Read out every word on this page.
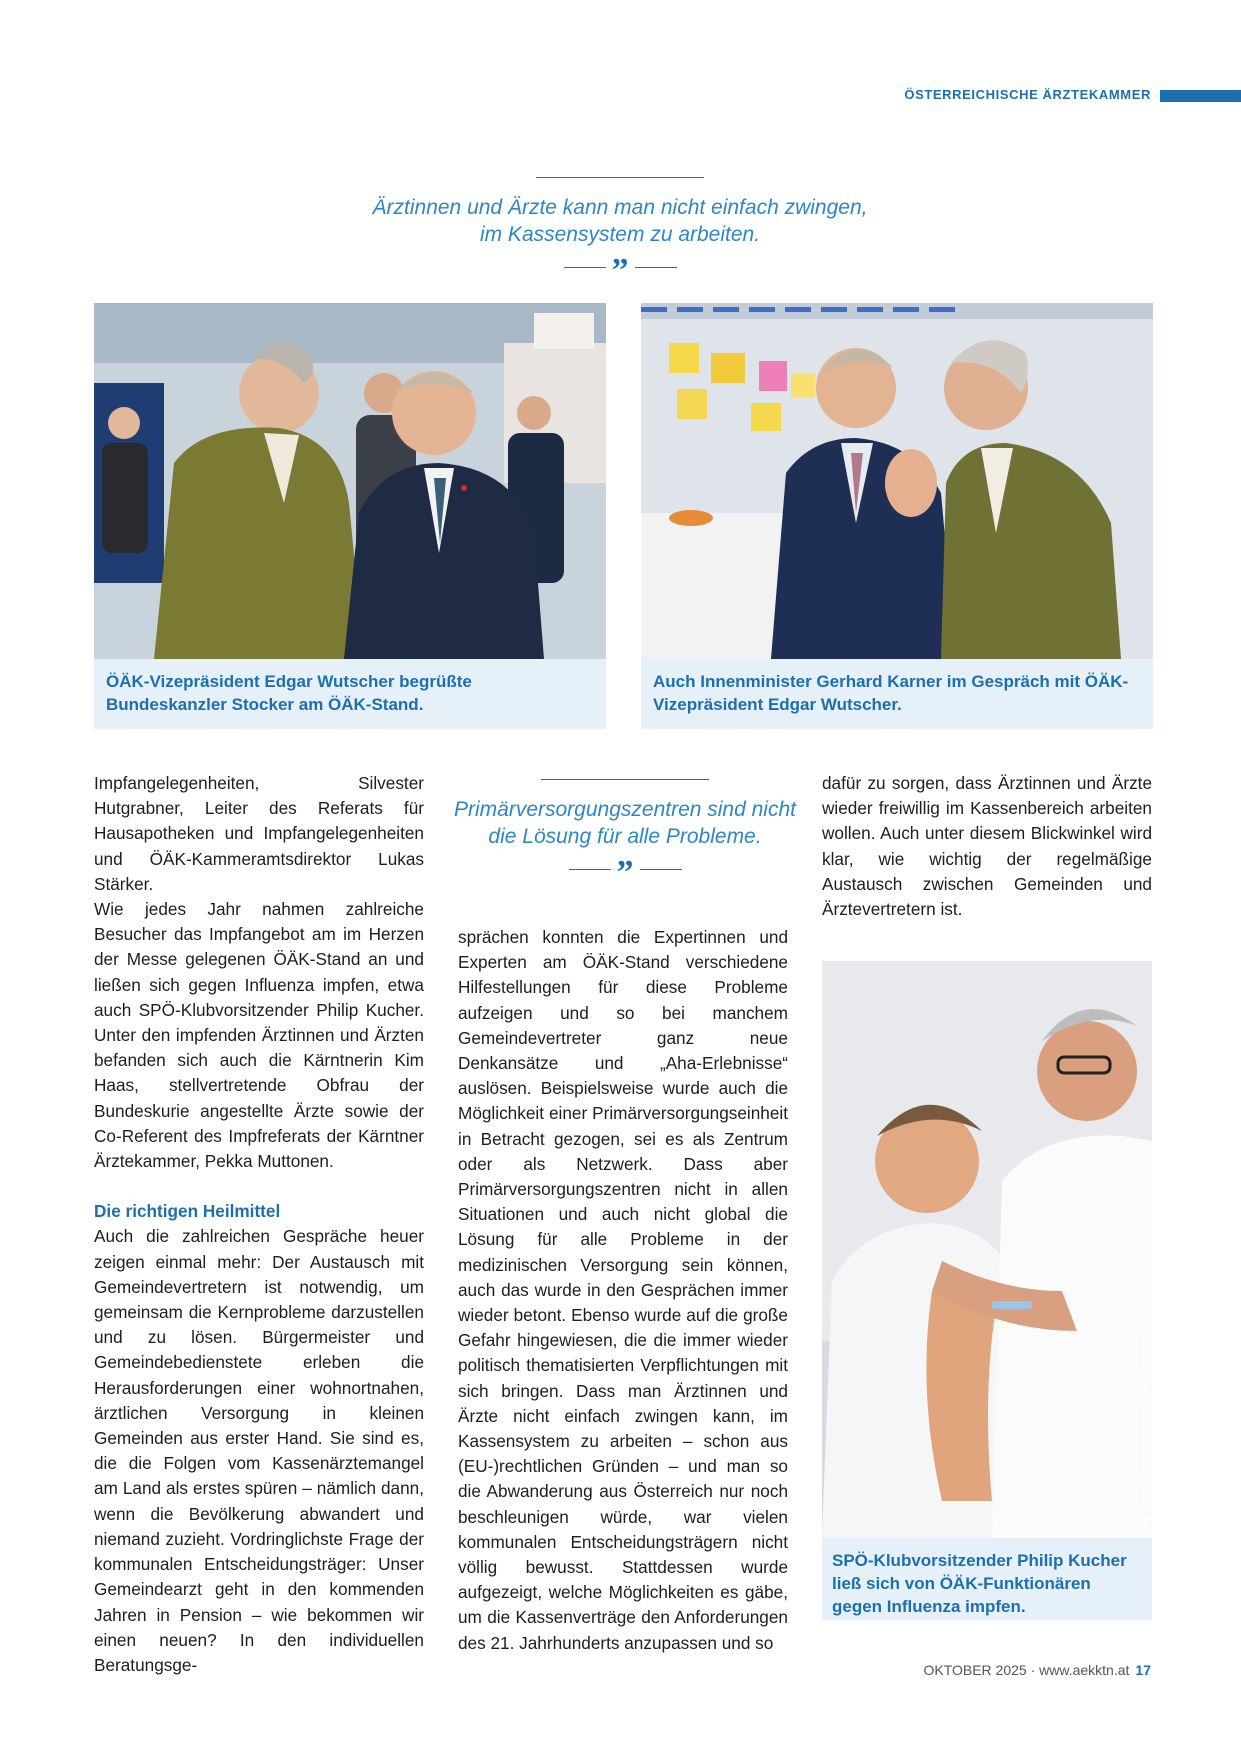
ÖSTERREICHISCHE ÄRZTEKAMMER
Ärztinnen und Ärzte kann man nicht einfach zwingen,
im Kassensystem zu arbeiten.
”
ÖÄK-Vizepräsident Edgar Wutscher begrüßte Bundeskanzler Stocker am ÖÄK-Stand.
Auch Innenminister Gerhard Karner im Gespräch mit ÖÄK-Vizepräsident Edgar Wutscher.

Impfangelegenheiten, Silvester Hutgrabner, Leiter des Referats für Hausapotheken und Impfangelegenheiten und ÖÄK-Kammeramtsdirektor Lukas Stärker.

Wie jedes Jahr nahmen zahlreiche Besucher das Impfangebot am im Herzen der Messe gelegenen ÖÄK-Stand an und ließen sich gegen Influenza impfen, etwa auch SPÖ-Klubvorsitzender Philip Kucher. Unter den impfenden Ärztinnen und Ärzten befanden sich auch die Kärntnerin Kim Haas, stellvertretende Obfrau der Bundeskurie angestellte Ärzte sowie der Co-Referent des Impfreferats der Kärntner Ärztekammer, Pekka Muttonen.

Die richtigen Heilmittel

Auch die zahlreichen Gespräche heuer zeigen einmal mehr: Der Austausch mit Gemeindevertretern ist notwendig, um gemeinsam die Kernprobleme darzustellen und zu lösen. Bürgermeister und Gemeindebedienstete erleben die Herausforderungen einer wohnortnahen, ärztlichen Versorgung in kleinen Gemeinden aus erster Hand. Sie sind es, die die Folgen vom Kassenärztemangel am Land als erstes spüren – nämlich dann, wenn die Bevölkerung abwandert und niemand zuzieht. Vordringlichste Frage der kommunalen Entscheidungsträger: Unser Gemeindearzt geht in den kommenden Jahren in Pension – wie bekommen wir einen neuen? In den individuellen Beratungsge-

Primärversorgungszentren sind nicht
die Lösung für alle Probleme.
”

sprächen konnten die Expertinnen und Experten am ÖÄK-Stand verschiedene Hilfestellungen für diese Probleme aufzeigen und so bei manchem Gemeindevertreter ganz neue Denkansätze und „Aha-Erlebnisse“ auslösen. Beispielsweise wurde auch die Möglichkeit einer Primärversorgungseinheit in Betracht gezogen, sei es als Zentrum oder als Netzwerk. Dass aber Primärversorgungszentren nicht in allen Situationen und auch nicht global die Lösung für alle Probleme in der medizinischen Versorgung sein können, auch das wurde in den Gesprächen immer wieder betont. Ebenso wurde auf die große Gefahr hingewiesen, die die immer wieder politisch thematisierten Verpflichtungen mit sich bringen. Dass man Ärztinnen und Ärzte nicht einfach zwingen kann, im Kassensystem zu arbeiten – schon aus (EU-)rechtlichen Gründen – und man so die Abwanderung aus Österreich nur noch beschleunigen würde, war vielen kommunalen Entscheidungsträgern nicht völlig bewusst. Stattdessen wurde aufgezeigt, welche Möglichkeiten es gäbe, um die Kassenverträge den Anforderungen des 21. Jahrhunderts anzupassen und so

dafür zu sorgen, dass Ärztinnen und Ärzte wieder freiwillig im Kassenbereich arbeiten wollen. Auch unter diesem Blickwinkel wird klar, wie wichtig der regelmäßige Austausch zwischen Gemeinden und Ärztevertretern ist.

Alle Fotos: Kommunalmesse/ÖÄK Schmidle
SPÖ-Klubvorsitzender Philip Kucher ließ sich von ÖÄK-Funktionären gegen Influenza impfen.
OKTOBER 2025 · www.aekktn.at 17
